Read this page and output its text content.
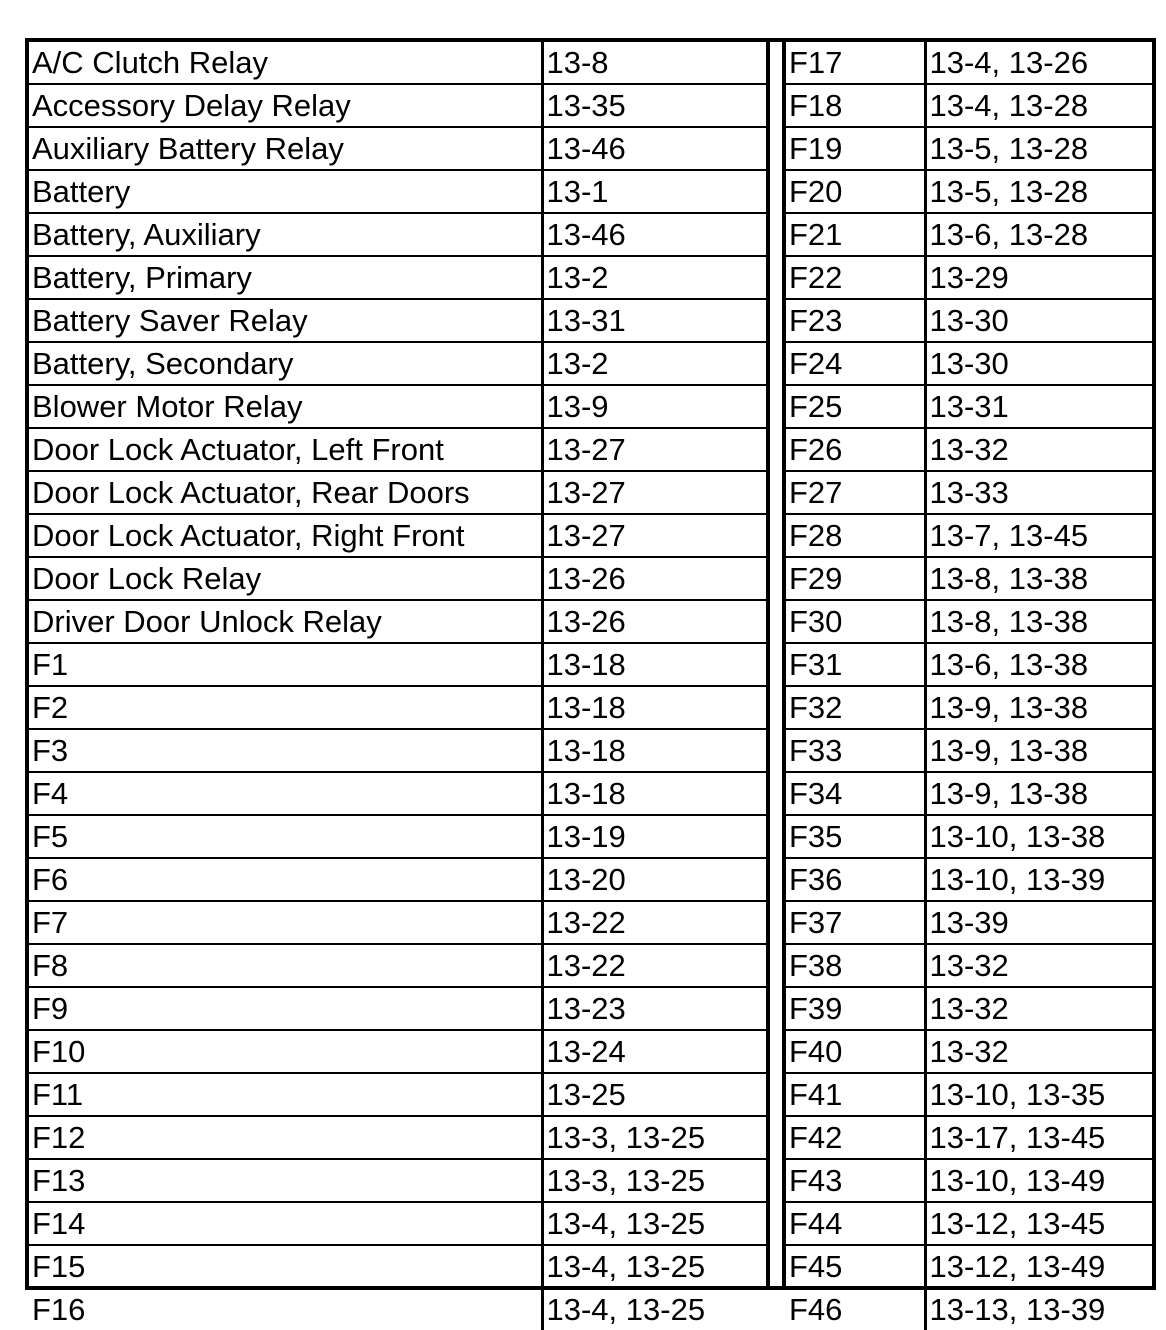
A/C Clutch Relay	13-8
Accessory Delay Relay	13-35
Auxiliary Battery Relay	13-46
Battery	13-1
Battery, Auxiliary	13-46
Battery, Primary	13-2
Battery Saver Relay	13-31
Battery, Secondary	13-2
Blower Motor Relay	13-9
Door Lock Actuator, Left Front	13-27
Door Lock Actuator, Rear Doors	13-27
Door Lock Actuator, Right Front	13-27
Door Lock Relay	13-26
Driver Door Unlock Relay	13-26
F1	13-18
F2	13-18
F3	13-18
F4	13-18
F5	13-19
F6	13-20
F7	13-22
F8	13-22
F9	13-23
F10	13-24
F11	13-25
F12	13-3, 13-25
F13	13-3, 13-25
F14	13-4, 13-25
F15	13-4, 13-25
F16	13-4, 13-25
F17	13-4, 13-26
F18	13-4, 13-28
F19	13-5, 13-28
F20	13-5, 13-28
F21	13-6, 13-28
F22	13-29
F23	13-30
F24	13-30
F25	13-31
F26	13-32
F27	13-33
F28	13-7, 13-45
F29	13-8, 13-38
F30	13-8, 13-38
F31	13-6, 13-38
F32	13-9, 13-38
F33	13-9, 13-38
F34	13-9, 13-38
F35	13-10, 13-38
F36	13-10, 13-39
F37	13-39
F38	13-32
F39	13-32
F40	13-32
F41	13-10, 13-35
F42	13-17, 13-45
F43	13-10, 13-49
F44	13-12, 13-45
F45	13-12, 13-49
F46	13-13, 13-39
